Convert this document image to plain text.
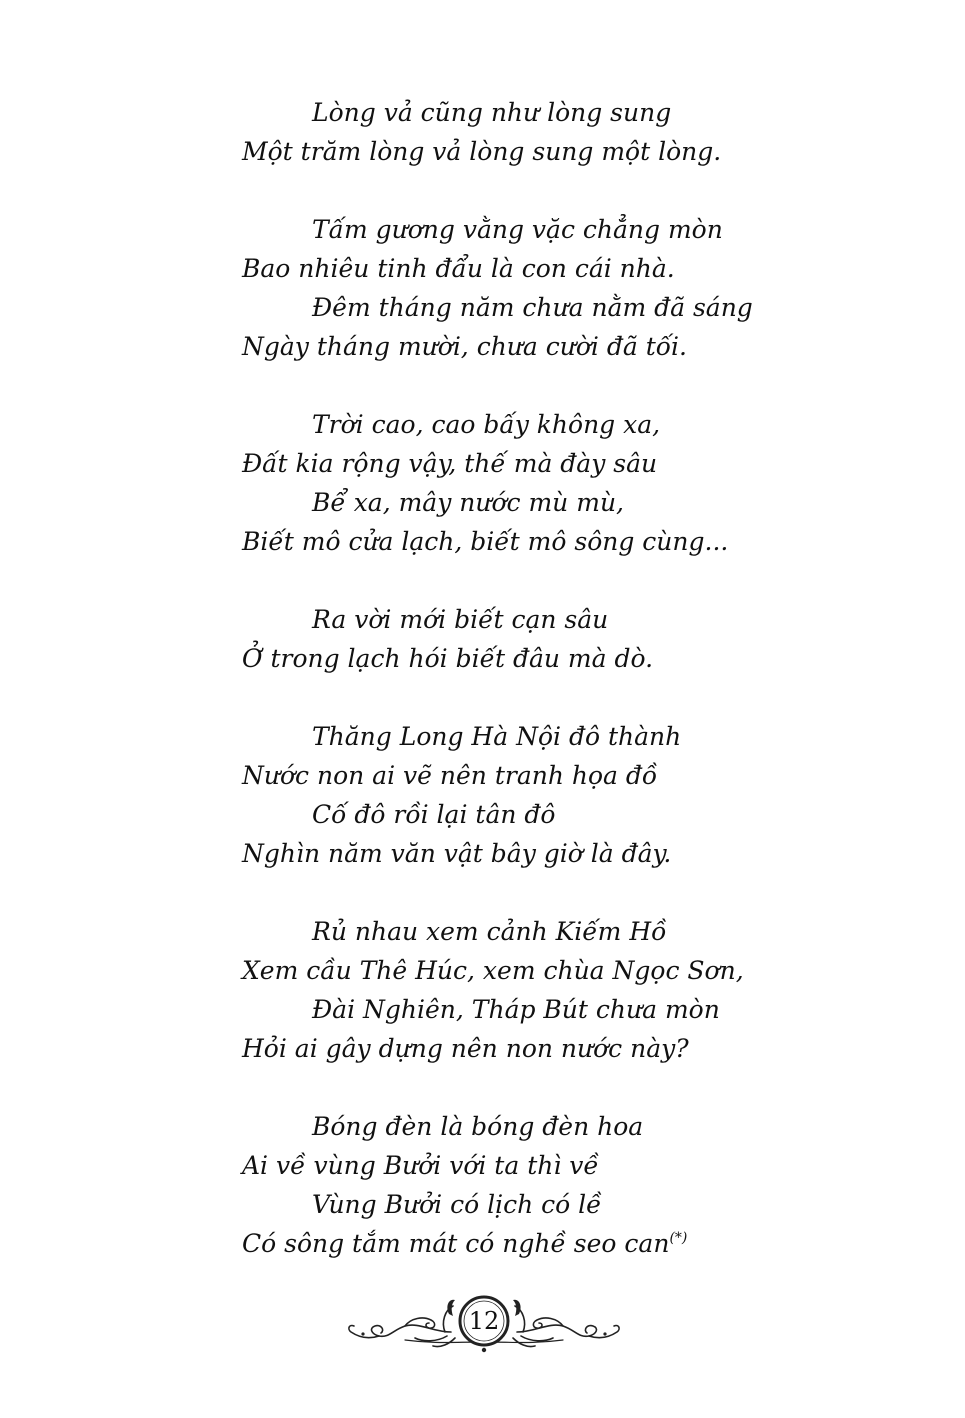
Lòng vả cũng như lòng sung
Một trăm lòng vả lòng sung một lòng.
Tấm gương vằng vặc chẳng mòn
Bao nhiêu tinh đẩu là con cái nhà.
Đêm tháng năm chưa nằm đã sáng
Ngày tháng mười, chưa cười đã tối.
Trời cao, cao bấy không xa,
Đất kia rộng vậy, thế mà đày sâu
Bể xa, mây nước mù mù,
Biết mô cửa lạch, biết mô sông cùng...
Ra vời mới biết cạn sâu
Ở trong lạch hói biết đâu mà dò.
Thăng Long Hà Nội đô thành
Nước non ai vẽ nên tranh họa đồ
Cố đô rồi lại tân đô
Nghìn năm văn vật bây giờ là đây.
Rủ nhau xem cảnh Kiếm Hồ
Xem cầu Thê Húc, xem chùa Ngọc Sơn,
Đài Nghiên, Tháp Bút chưa mòn
Hỏi ai gây dựng nên non nước này?
Bóng đèn là bóng đèn hoa
Ai về vùng Bưởi với ta thì về
Vùng Bưởi có lịch có lề
Có sông tắm mát có nghề seo can(*)
12
